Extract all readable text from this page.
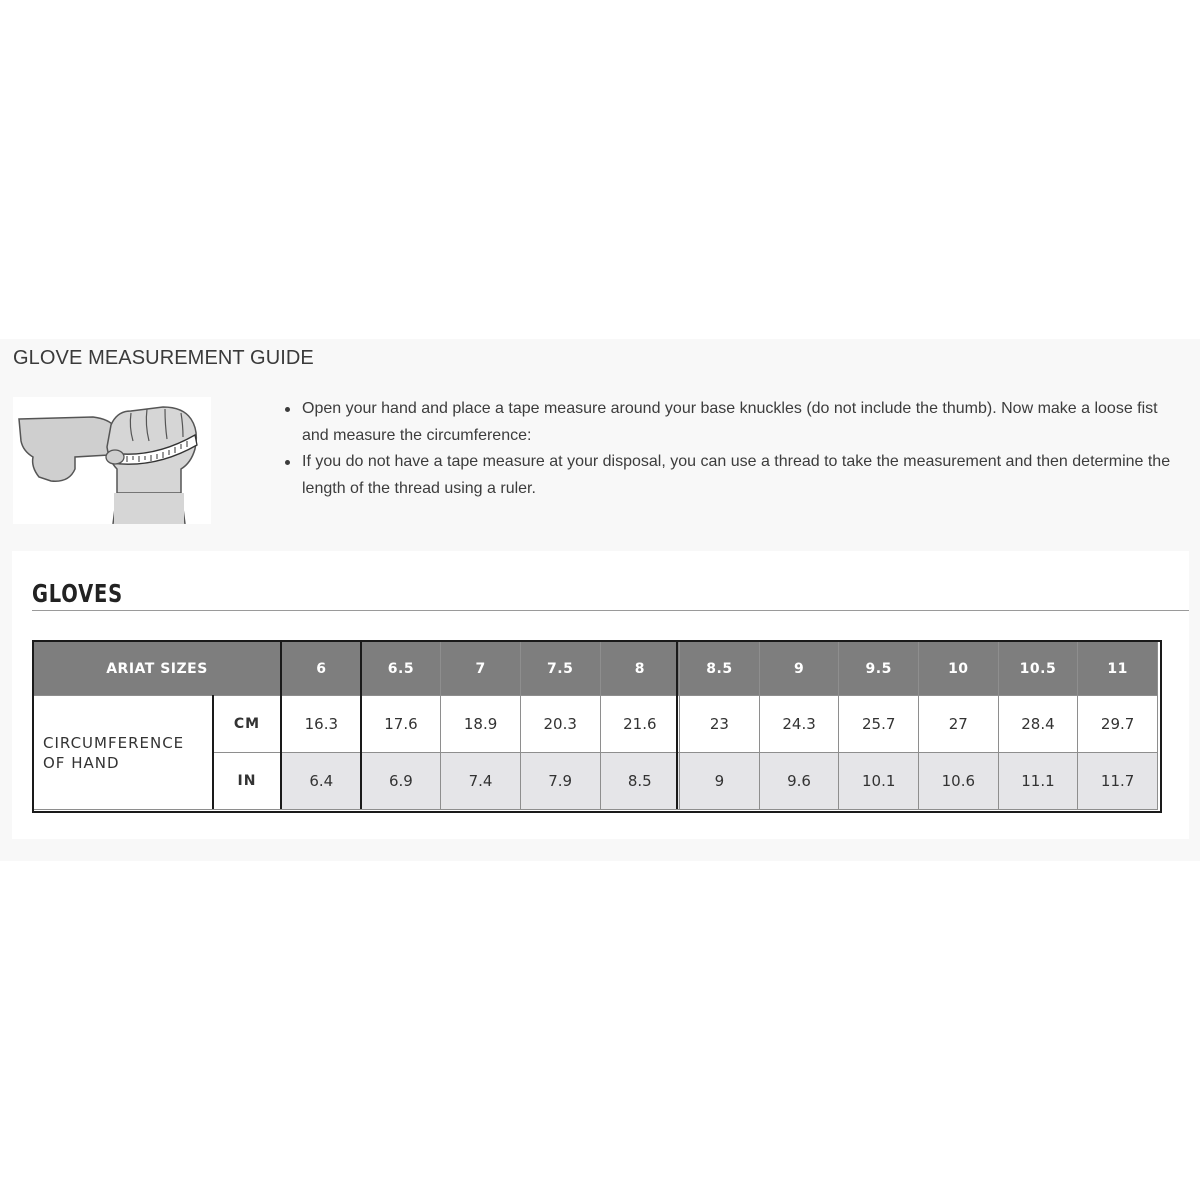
GLOVE MEASUREMENT GUIDE
Open your hand and place a tape measure around your base knuckles (do not include the thumb). Now make a loose fist and measure the circumference:
If you do not have a tape measure at your disposal, you can use a thread to take the measurement and then determine the length of the thread using a ruler.
GLOVES
ARIAT SIZES		6	6.5	7	7.5	8	8.5	9	9.5	10	10.5	11
CIRCUMFERENCE OF HAND	CM	16.3	17.6	18.9	20.3	21.6	23	24.3	25.7	27	28.4	29.7
	IN	6.4	6.9	7.4	7.9	8.5	9	9.6	10.1	10.6	11.1	11.7
